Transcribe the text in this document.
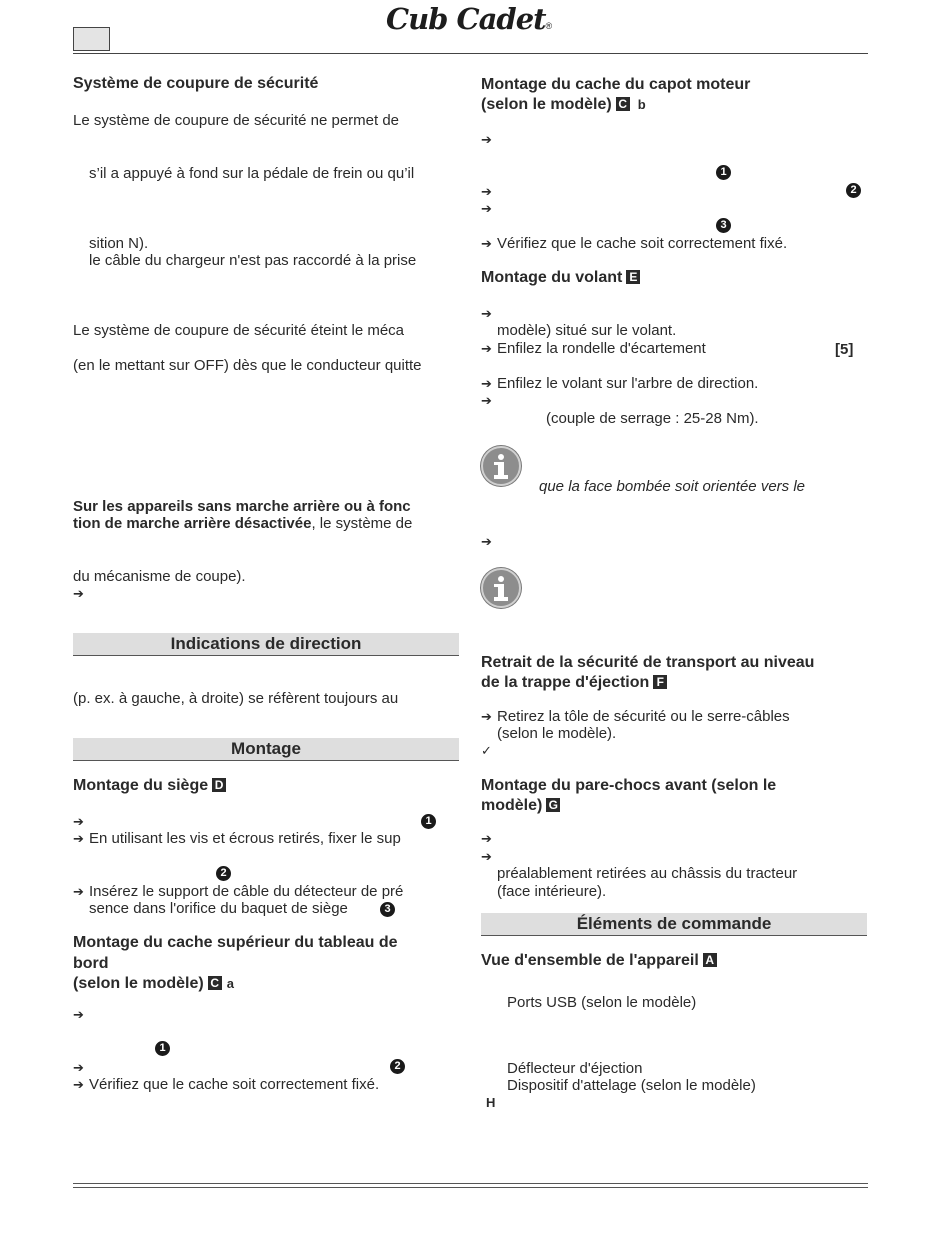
Cub Cadet®
Système de coupure de sécurité
Le système de coupure de sécurité ne permet de
s’il a appuyé à fond sur la pédale de frein ou qu’il
sition N).
le câble du chargeur n'est pas raccordé à la prise
Le système de coupure de sécurité éteint le méca
(en le mettant sur OFF) dès que le conducteur quitte
Sur les appareils sans marche arrière ou à fonc
tion de marche arrière désactivée, le système de
du mécanisme de coupe).
➔
Indications de direction
(p. ex. à gauche, à droite) se réfèrent toujours au
Montage
Montage du siège D
➔	1
➔ En utilisant les vis et écrous retirés, fixer le sup
2
➔ Insérez le support de câble du détecteur de pré
sence dans l'orifice du baquet de siège	3
Montage du cache supérieur du tableau de
bord
(selon le modèle) C a
➔
1
➔	2
➔ Vérifiez que le cache soit correctement fixé.
Montage du cache du capot moteur
(selon le modèle) C b
➔
1
➔	2
➔
3
➔ Vérifiez que le cache soit correctement fixé.
Montage du volant E
➔
modèle) situé sur le volant.
➔ Enfilez la rondelle d'écartement	[5]
➔ Enfilez le volant sur l'arbre de direction.
➔
(couple de serrage : 25-28 Nm).
que la face bombée soit orientée vers le
➔
Retrait de la sécurité de transport au niveau
de la trappe d'éjection F
➔ Retirez la tôle de sécurité ou le serre-câbles
(selon le modèle).
✓
Montage du pare-chocs avant (selon le
modèle) G
➔
➔
préalablement retirées au châssis du tracteur
(face intérieure).
Éléments de commande
Vue d'ensemble de l'appareil A
Ports USB (selon le modèle)
Déflecteur d'éjection
Dispositif d'attelage (selon le modèle)
H
